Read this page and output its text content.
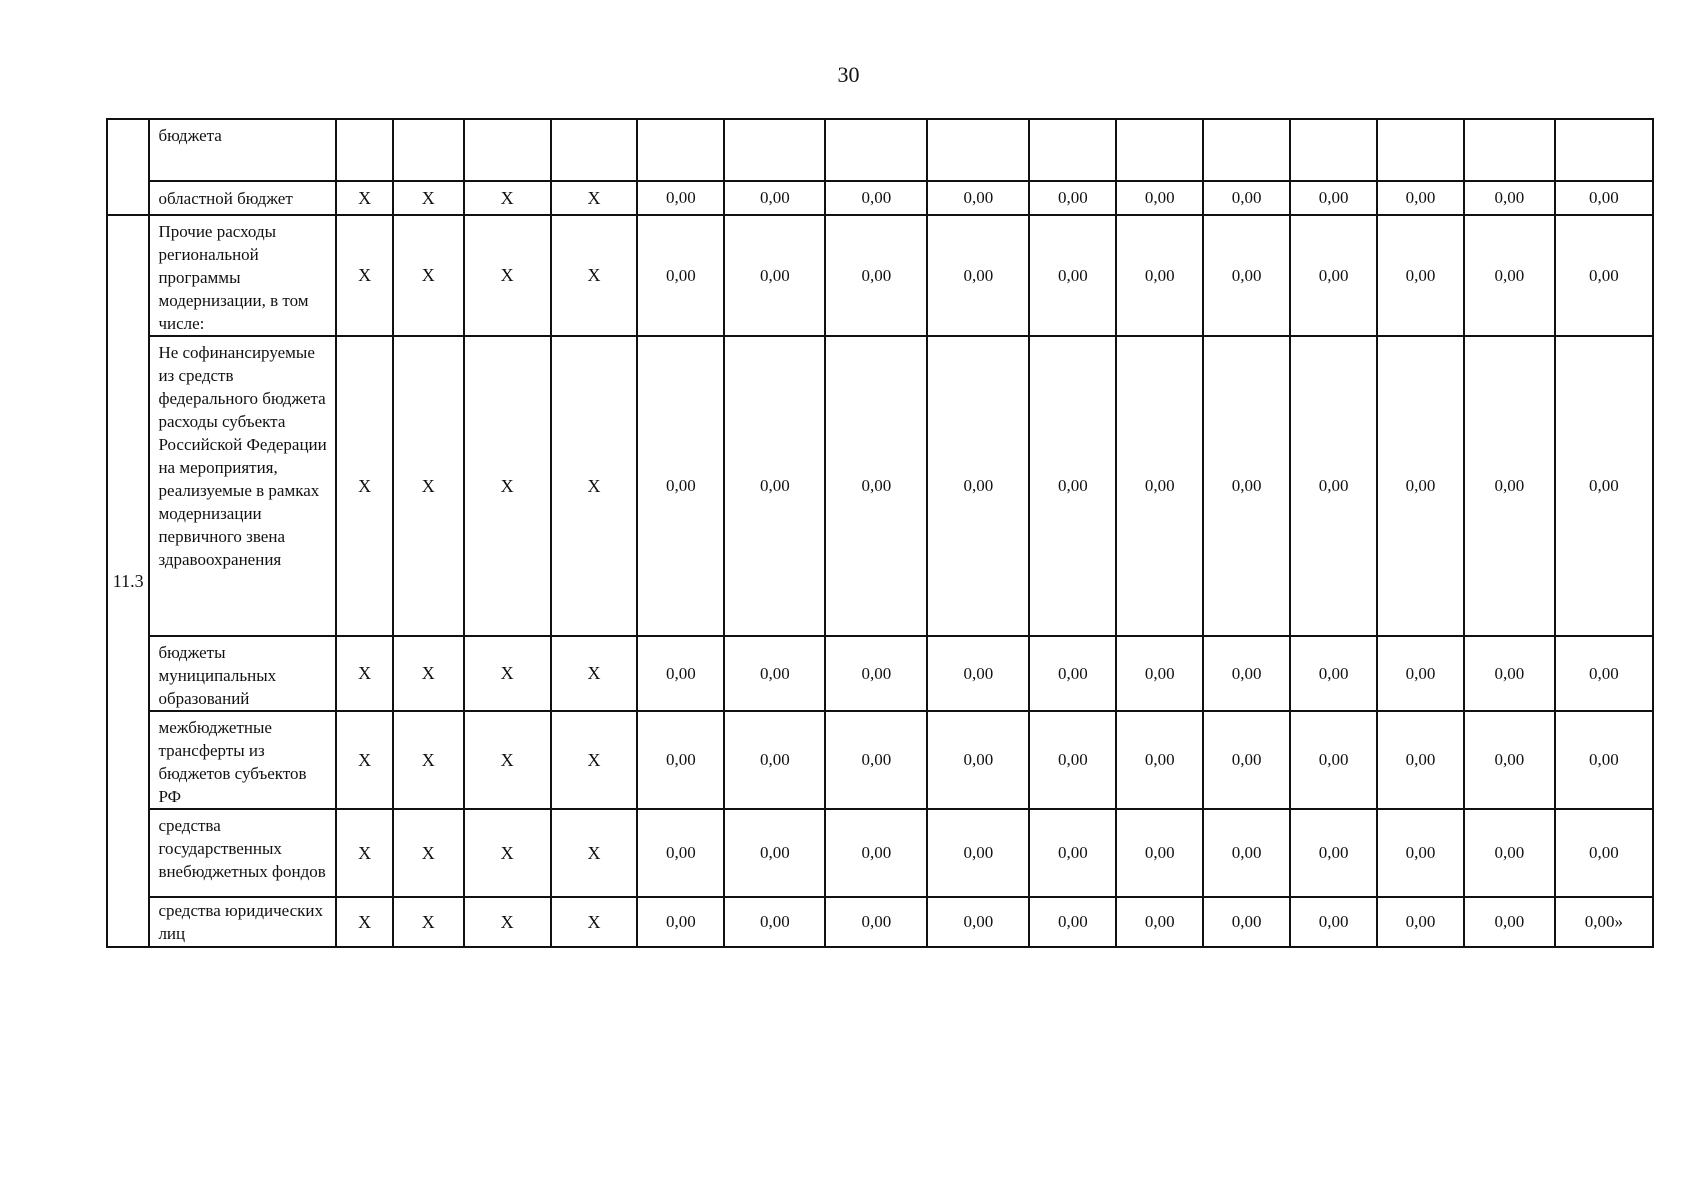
30
	бюджета															
	областной бюджет	X	X	X	X	0,00	0,00	0,00	0,00	0,00	0,00	0,00	0,00	0,00	0,00	0,00
11.3	Прочие расходы региональной программы модернизации, в том числе:	X	X	X	X	0,00	0,00	0,00	0,00	0,00	0,00	0,00	0,00	0,00	0,00	0,00
	Не софинансируемые из средств федерального бюджета расходы субъекта Российской Федерации на мероприятия, реализуемые в рамках модернизации первичного звена здравоохранения	X	X	X	X	0,00	0,00	0,00	0,00	0,00	0,00	0,00	0,00	0,00	0,00	0,00
	бюджеты муниципальных образований	X	X	X	X	0,00	0,00	0,00	0,00	0,00	0,00	0,00	0,00	0,00	0,00	0,00
	межбюджетные трансферты из бюджетов субъектов РФ	X	X	X	X	0,00	0,00	0,00	0,00	0,00	0,00	0,00	0,00	0,00	0,00	0,00
	средства государственных внебюджетных фондов	X	X	X	X	0,00	0,00	0,00	0,00	0,00	0,00	0,00	0,00	0,00	0,00	0,00
	средства юридических лиц	X	X	X	X	0,00	0,00	0,00	0,00	0,00	0,00	0,00	0,00	0,00	0,00	0,00»
